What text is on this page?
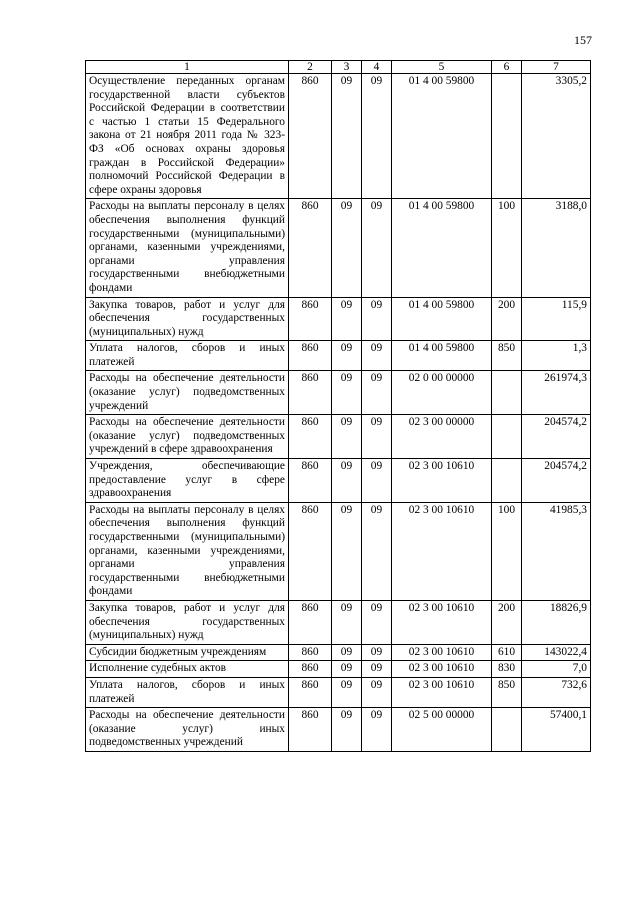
157
1	2	3	4	5	6	7
Осуществление переданных органам государственной власти субъектов Российской Федерации в соответствии с частью 1 статьи 15 Федерального закона от 21 ноября 2011 года № 323-ФЗ «Об основах охраны здоровья граждан в Российской Федерации» полномочий Российской Федерации в сфере охраны здоровья	860	09	09	01 4 00 59800		3305,2
Расходы на выплаты персоналу в целях обеспечения выполнения функций государственными (муниципальными) органами, казенными учреждениями, органами управления государственными внебюджетными фондами	860	09	09	01 4 00 59800	100	3188,0
Закупка товаров, работ и услуг для обеспечения государственных (муниципальных) нужд	860	09	09	01 4 00 59800	200	115,9
Уплата налогов, сборов и иных платежей	860	09	09	01 4 00 59800	850	1,3
Расходы на обеспечение деятельности (оказание услуг) подведомственных учреждений	860	09	09	02 0 00 00000		261974,3
Расходы на обеспечение деятельности (оказание услуг) подведомственных учреждений в сфере здравоохранения	860	09	09	02 3 00 00000		204574,2
Учреждения, обеспечивающие предоставление услуг в сфере здравоохранения	860	09	09	02 3 00 10610		204574,2
Расходы на выплаты персоналу в целях обеспечения выполнения функций государственными (муниципальными) органами, казенными учреждениями, органами управления государственными внебюджетными фондами	860	09	09	02 3 00 10610	100	41985,3
Закупка товаров, работ и услуг для обеспечения государственных (муниципальных) нужд	860	09	09	02 3 00 10610	200	18826,9
Субсидии бюджетным учреждениям	860	09	09	02 3 00 10610	610	143022,4
Исполнение судебных актов	860	09	09	02 3 00 10610	830	7,0
Уплата налогов, сборов и иных платежей	860	09	09	02 3 00 10610	850	732,6
Расходы на обеспечение деятельности (оказание услуг) иных подведомственных учреждений	860	09	09	02 5 00 00000		57400,1
